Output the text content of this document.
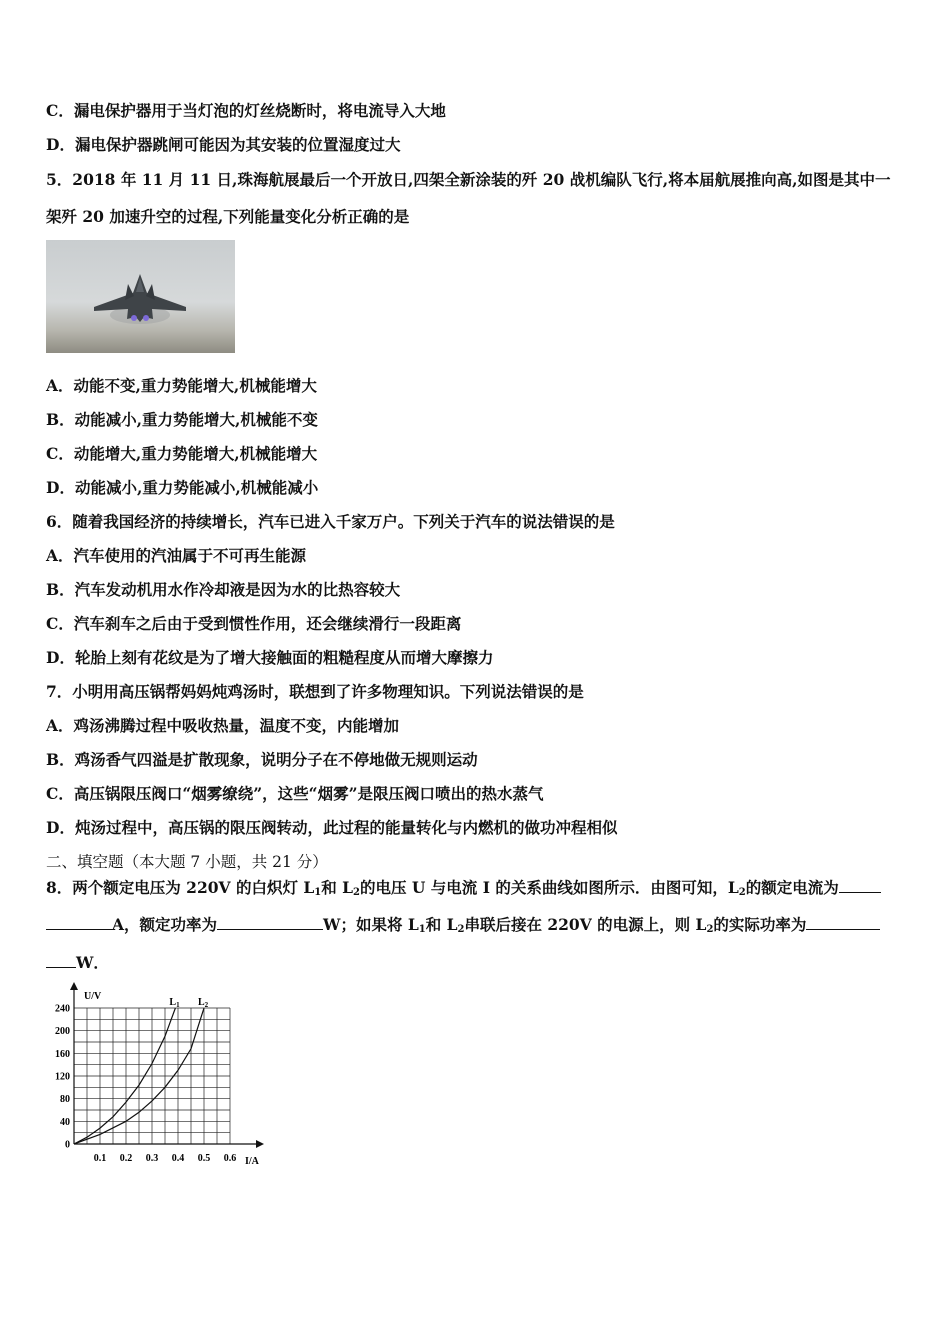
C．漏电保护器用于当灯泡的灯丝烧断时，将电流导入大地
D．漏电保护器跳闸可能因为其安装的位置湿度过大
5．2018 年 11 月 11 日,珠海航展最后一个开放日,四架全新涂装的歼 20 战机编队飞行,将本届航展推向高,如图是其中一
架歼 20 加速升空的过程,下列能量变化分析正确的是
A．动能不变,重力势能增大,机械能增大
B．动能减小,重力势能增大,机械能不变
C．动能增大,重力势能增大,机械能增大
D．动能减小,重力势能减小,机械能减小
6．随着我国经济的持续增长，汽车已进入千家万户。下列关于汽车的说法错误的是
A．汽车使用的汽油属于不可再生能源
B．汽车发动机用水作冷却液是因为水的比热容较大
C．汽车刹车之后由于受到惯性作用，还会继续滑行一段距离
D．轮胎上刻有花纹是为了增大接触面的粗糙程度从而增大摩擦力
7．小明用高压锅帮妈妈炖鸡汤时，联想到了许多物理知识。下列说法错误的是
A．鸡汤沸腾过程中吸收热量，温度不变，内能增加
B．鸡汤香气四溢是扩散现象，说明分子在不停地做无规则运动
C．高压锅限压阀口“烟雾缭绕”，这些“烟雾”是限压阀口喷出的热水蒸气
D．炖汤过程中，高压锅的限压阀转动，此过程的能量转化与内燃机的做功冲程相似
二、填空题（本大题 7 小题，共 21 分）
8．两个额定电压为 220V 的白炽灯 $L_1$和 $L_2$的电压 U 与电流 I 的关系曲线如图所示．由图可知，$L_2$的额定电流为
A，额定功率为	W；如果将 $L_1$和 $L_2$串联后接在 220V 的电源上，则 $L_2$的实际功率为
W．
0
40
80
120
160
200
240
0.1 0.2 0.3 0.4 0.5 0.6
$L_1$ $L_2$
U/V
I/A
